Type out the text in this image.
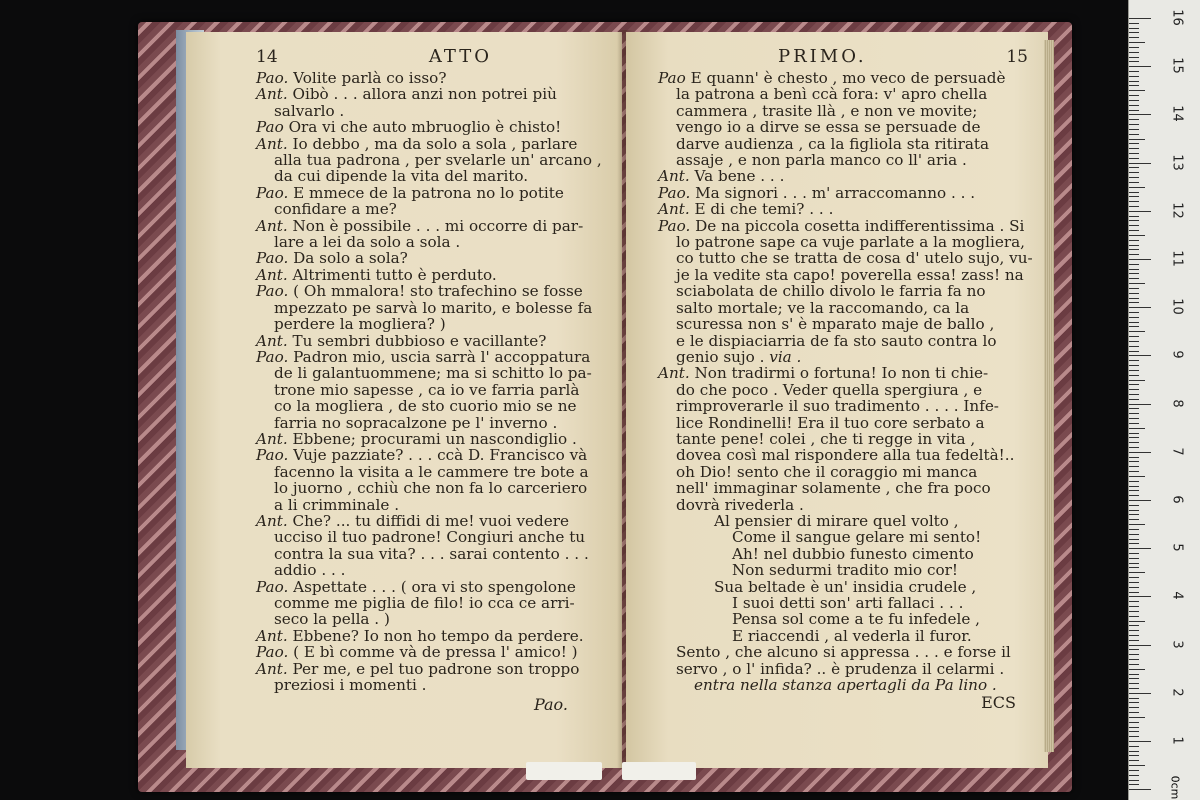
14	ATTO
Pao. Volite parlà co isso?
Ant. Oibò . . . allora anzi non potrei più
salvarlo .
Pao Ora vi che auto mbruoglio è chisto!
Ant. Io debbo , ma da solo a sola , parlare
alla tua padrona , per svelarle un' arcano ,
da cui dipende la vita del marito.
Pao. E mmece de la patrona no lo potite
confidare a me?
Ant. Non è possibile . . . mi occorre di par-
lare a lei da solo a sola .
Pao. Da solo a sola?
Ant. Altrimenti tutto è perduto.
Pao. ( Oh mmalora! sto trafechino se fosse
mpezzato pe sarvà lo marito, e bolesse fa
perdere la mogliera? )
Ant. Tu sembri dubbioso e vacillante?
Pao. Padron mio, uscia sarrà l' accoppatura
de li galantuommene; ma si schitto lo pa-
trone mio sapesse , ca io ve farria parlà
co la mogliera , de sto cuorio mio se ne
farria no sopracalzone pe l' inverno .
Ant. Ebbene; procurami un nascondiglio .
Pao. Vuje pazziate? . . . ccà D. Francisco và
facenno la visita a le cammere tre bote a
lo juorno , cchiù che non fa lo carceriero
a li crimminale .
Ant. Che? ... tu diffidi di me! vuoi vedere
ucciso il tuo padrone! Congiuri anche tu
contra la sua vita? . . . sarai contento . . .
addio . . .
Pao. Aspettate . . . ( ora vi sto spengolone
comme me piglia de filo! io cca ce arri-
seco la pella . )
Ant. Ebbene? Io non ho tempo da perdere.
Pao. ( E bì comme và de pressa l' amico! )
Ant. Per me, e pel tuo padrone son troppo
preziosi i momenti .
Pao.
PRIMO.	15
Pao E quann' è chesto , mo veco de persuadè
la patrona a benì ccà fora: v' apro chella
cammera , trasite llà , e non ve movite;
vengo io a dirve se essa se persuade de
darve audienza , ca la figliola sta ritirata
assaje , e non parla manco co ll' aria .
Ant. Va bene . . .
Pao. Ma signori . . . m' arraccomanno . . .
Ant. E di che temi? . . .
Pao. De na piccola cosetta indifferentissima . Si
lo patrone sape ca vuje parlate a la mogliera,
co tutto che se tratta de cosa d' utelo sujo, vu-
je la vedite sta capo! poverella essa! zass! na
sciabolata de chillo divolo le farria fa no
salto mortale; ve la raccomando, ca la
scuressa non s' è mparato maje de ballo ,
e le dispiaciarria de fa sto sauto contra lo
genio sujo . via .
Ant. Non tradirmi o fortuna! Io non ti chie-
do che poco . Veder quella spergiura , e
rimproverarle il suo tradimento . . . . Infe-
lice Rondinelli! Era il tuo core serbato a
tante pene! colei , che ti regge in vita ,
dovea così mal rispondere alla tua fedeltà!..
oh Dio! sento che il coraggio mi manca
nell' immaginar solamente , che fra poco
dovrà rivederla .
Al pensier di mirare quel volto ,
Come il sangue gelare mi sento!
Ah! nel dubbio funesto cimento
Non sedurmi tradito mio cor!
Sua beltade è un' insidia crudele ,
I suoi detti son' arti fallaci . . .
Pensa sol come a te fu infedele ,
E riaccendi , al vederla il furor.
Sento , che alcuno si appressa . . . e forse il
servo , o l' infida? .. è prudenza il celarmi .
entra nella stanza apertagli da Pa lino .
ECS
0cm
16
15
14
13
12
11
10
9
8
7
6
5
4
3
2
1
